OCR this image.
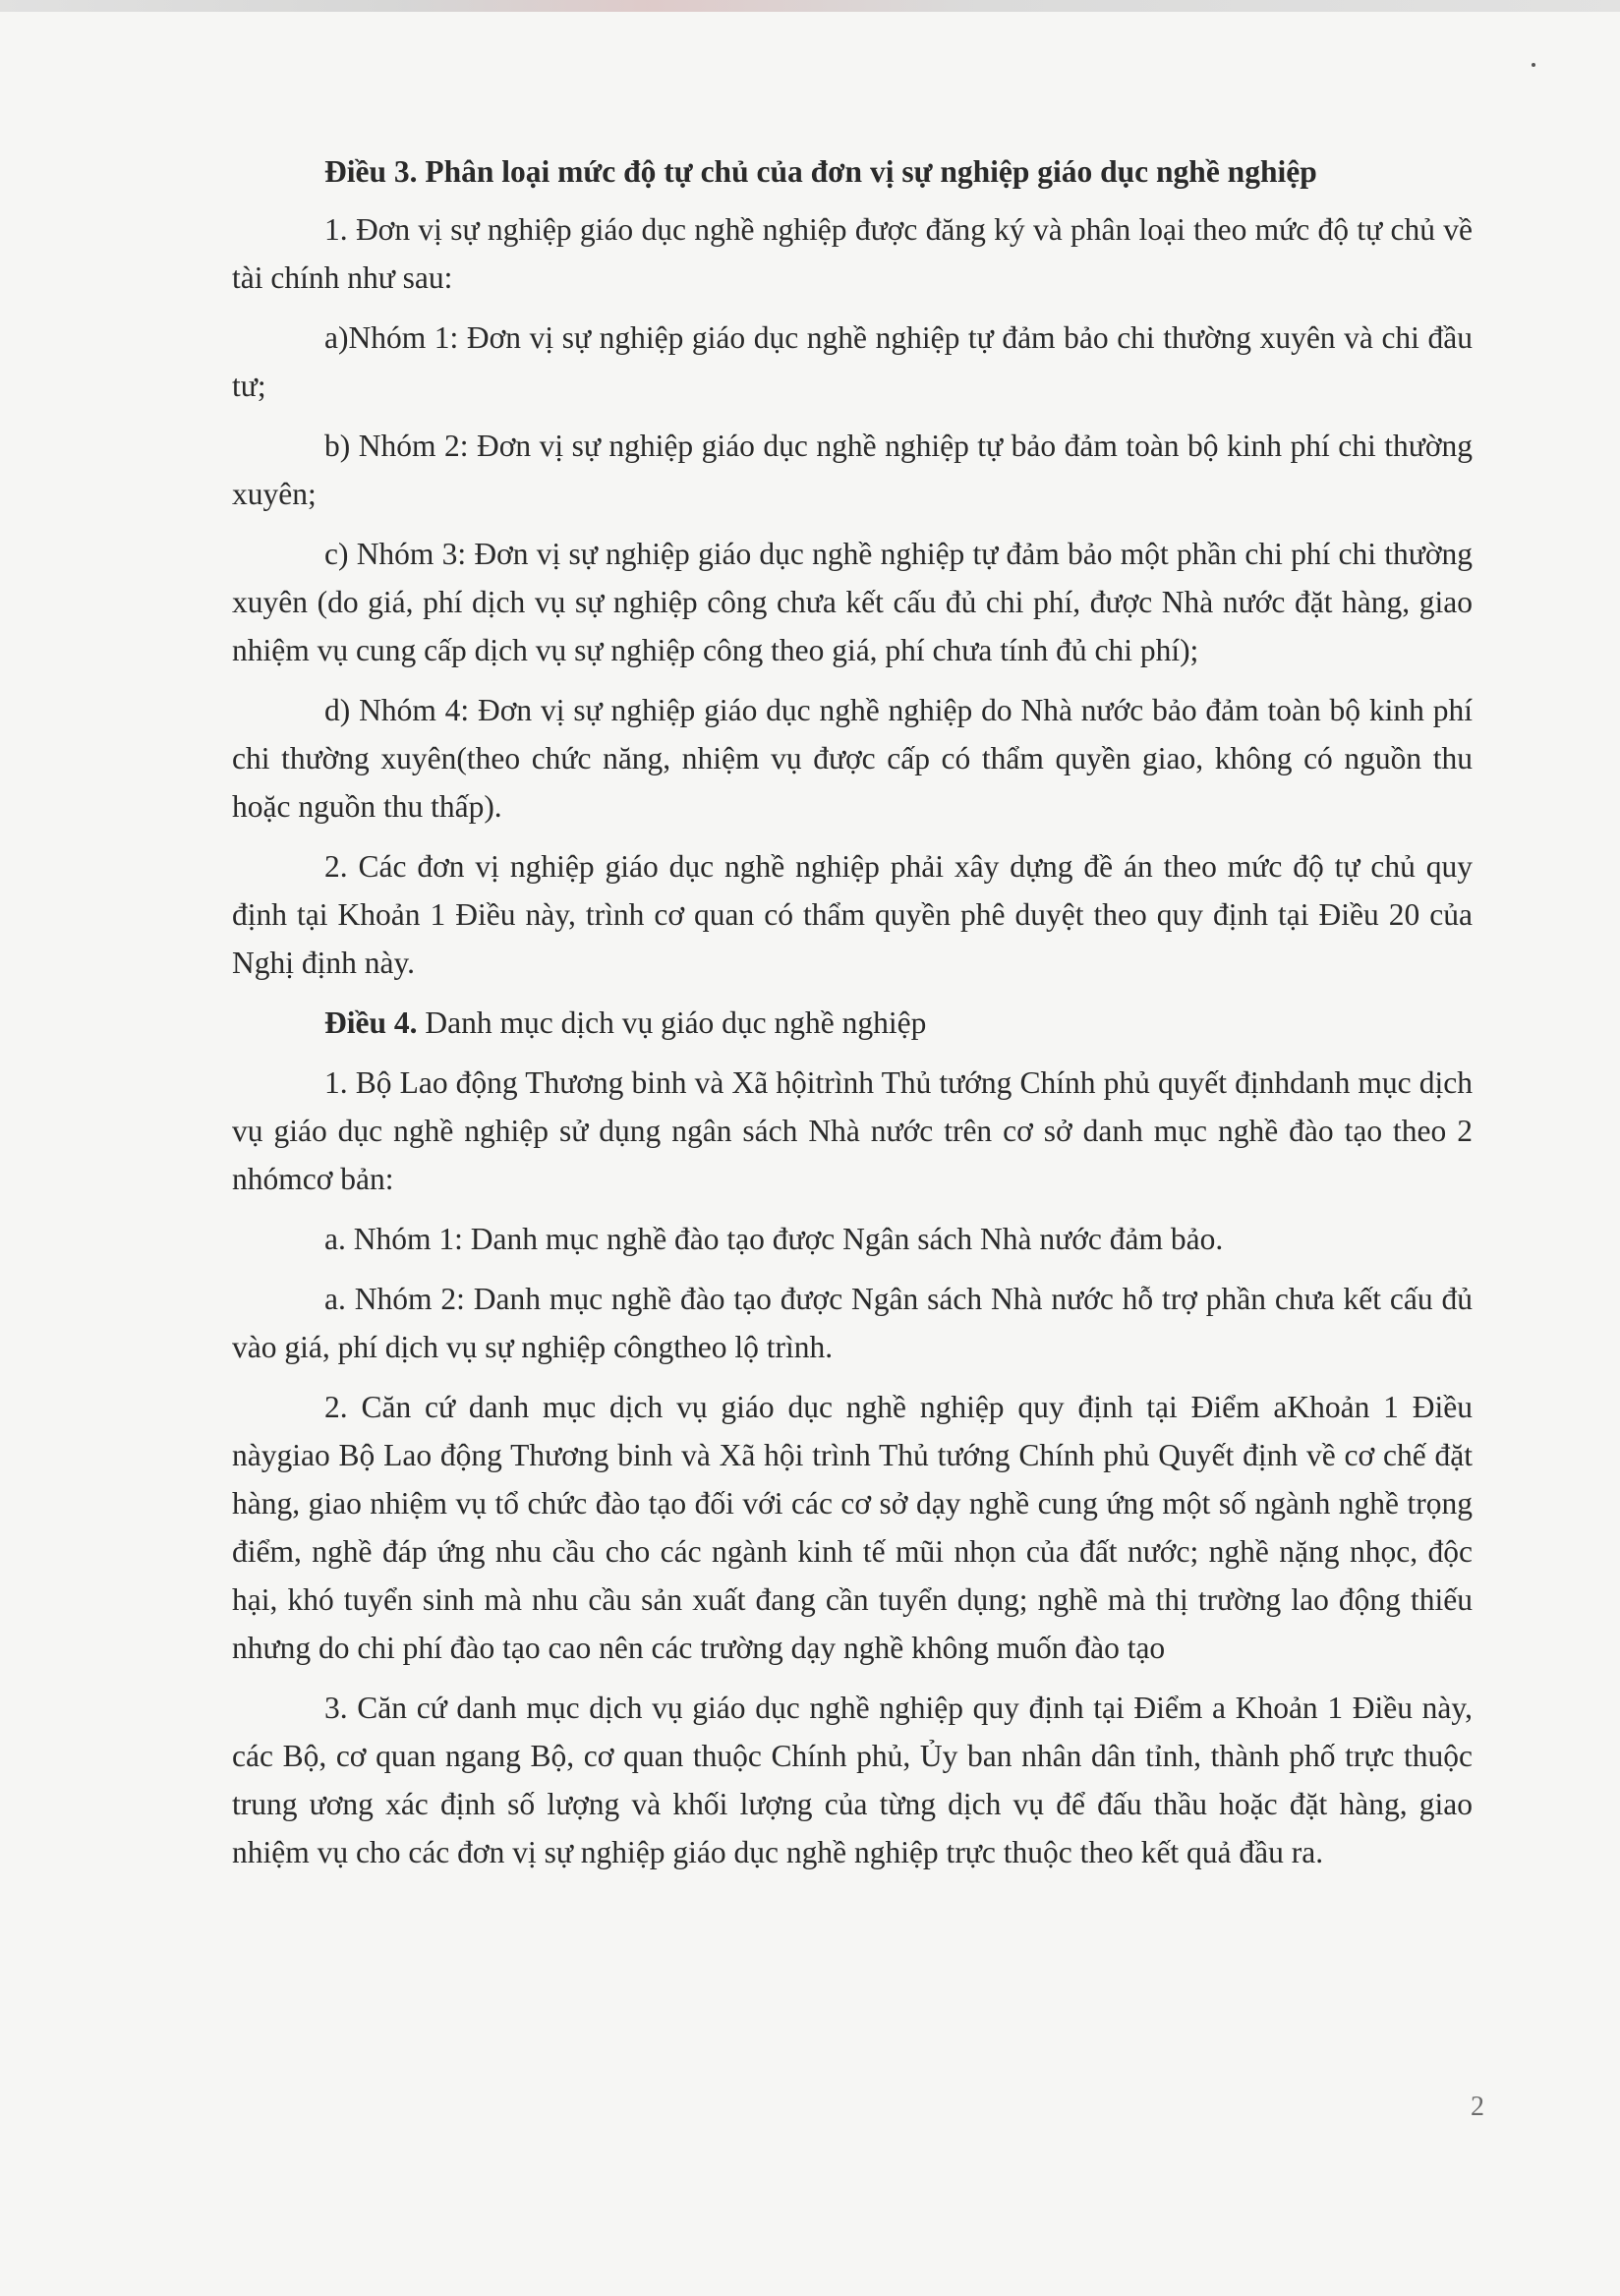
Điều 3. Phân loại mức độ tự chủ của đơn vị sự nghiệp giáo dục nghề nghiệp

1. Đơn vị sự nghiệp giáo dục nghề nghiệp được đăng ký và phân loại theo mức độ tự chủ về tài chính như sau:

a)Nhóm 1: Đơn vị sự nghiệp giáo dục nghề nghiệp tự đảm bảo chi thường xuyên và chi đầu tư;

b) Nhóm 2: Đơn vị sự nghiệp giáo dục nghề nghiệp tự bảo đảm toàn bộ kinh phí chi thường xuyên;

c) Nhóm 3: Đơn vị sự nghiệp giáo dục nghề nghiệp tự đảm bảo một phần chi phí chi thường xuyên (do giá, phí dịch vụ sự nghiệp công chưa kết cấu đủ chi phí, được Nhà nước đặt hàng, giao nhiệm vụ cung cấp dịch vụ sự nghiệp công theo giá, phí chưa tính đủ chi phí);

d) Nhóm 4: Đơn vị sự nghiệp giáo dục nghề nghiệp do Nhà nước bảo đảm toàn bộ kinh phí chi thường xuyên(theo chức năng, nhiệm vụ được cấp có thẩm quyền giao, không có nguồn thu hoặc nguồn thu thấp).

2. Các đơn vị nghiệp giáo dục nghề nghiệp phải xây dựng đề án theo mức độ tự chủ quy định tại Khoản 1 Điều này, trình cơ quan có thẩm quyền phê duyệt theo quy định tại Điều 20 của Nghị định này.

Điều 4. Danh mục dịch vụ giáo dục nghề nghiệp

1. Bộ Lao động Thương binh và Xã hộitrình Thủ tướng Chính phủ quyết địnhdanh mục dịch vụ giáo dục nghề nghiệp sử dụng ngân sách Nhà nước trên cơ sở danh mục nghề đào tạo theo 2 nhómcơ bản:

a. Nhóm 1: Danh mục nghề đào tạo được Ngân sách Nhà nước đảm bảo.

a. Nhóm 2: Danh mục nghề đào tạo được Ngân sách Nhà nước hỗ trợ phần chưa kết cấu đủ vào giá, phí dịch vụ sự nghiệp côngtheo lộ trình.

2. Căn cứ danh mục dịch vụ giáo dục nghề nghiệp quy định tại Điểm aKhoản 1 Điều nàygiao Bộ Lao động Thương binh và Xã hội trình Thủ tướng Chính phủ Quyết định về cơ chế đặt hàng, giao nhiệm vụ tổ chức đào tạo đối với các cơ sở dạy nghề cung ứng một số ngành nghề trọng điểm, nghề đáp ứng nhu cầu cho các ngành kinh tế mũi nhọn của đất nước; nghề nặng nhọc, độc hại, khó tuyển sinh mà nhu cầu sản xuất đang cần tuyển dụng; nghề mà thị trường lao động thiếu nhưng do chi phí đào tạo cao nên các trường dạy nghề không muốn đào tạo

3. Căn cứ danh mục dịch vụ giáo dục nghề nghiệp quy định tại Điểm a Khoản 1 Điều này, các Bộ, cơ quan ngang Bộ, cơ quan thuộc Chính phủ, Ủy ban nhân dân tỉnh, thành phố trực thuộc trung ương xác định số lượng và khối lượng của từng dịch vụ để đấu thầu hoặc đặt hàng, giao nhiệm vụ cho các đơn vị sự nghiệp giáo dục nghề nghiệp trực thuộc theo kết quả đầu ra.

2
